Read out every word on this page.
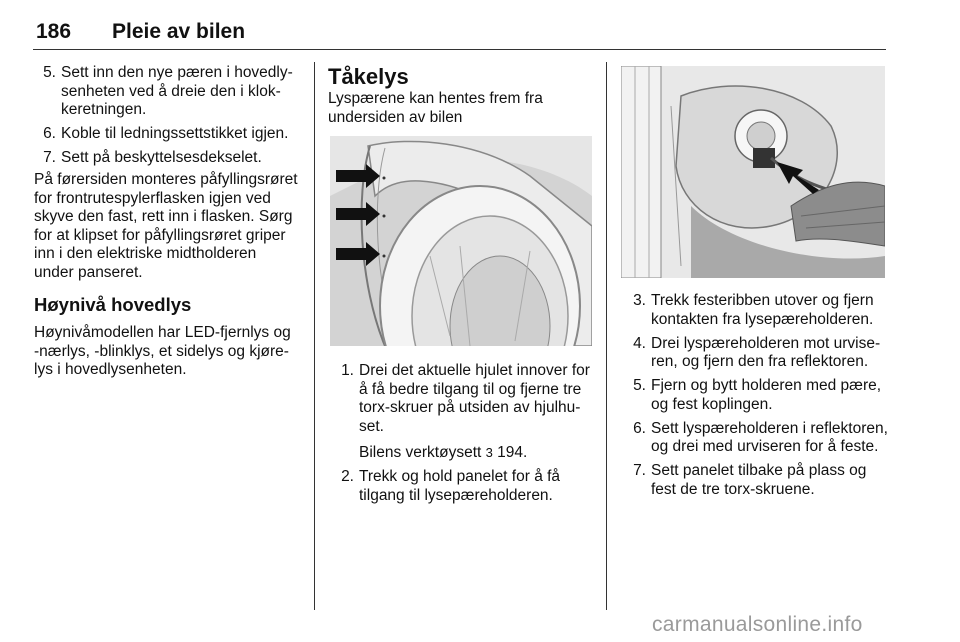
186 Pleie av bilen
5. Sett inn den nye pæren i hovedlysenheten ved å dreie den i klokkeretningen.
6. Koble til ledningssettstikket igjen.
7. Sett på beskyttelsesdekselet.

På førersiden monteres påfyllingsrøret for frontrutespylerflasken igjen ved skyve den fast, rett inn i flasken. Sørg for at klipset for påfyllingsrøret griper inn i den elektriske midtholderen under panseret.

Høynivå hovedlys

Høynivåmodellen har LED-fjernlys og -nærlys, -blinklys, et sidelys og kjørelys i hovedlysenheten.

Tåkelys

Lyspærene kan hentes frem fra undersiden av bilen

1. Drei det aktuelle hjulet innover for å få bedre tilgang til og fjerne tre torx-skruer på utsiden av hjulhuset.

Bilens verktøysett 3 194.

2. Trekk og hold panelet for å få tilgang til lysepæreholderen.
3. Trekk festeribben utover og fjern kontakten fra lysepæreholderen.
4. Drei lyspæreholderen mot urviseren, og fjern den fra reflektoren.
5. Fjern og bytt holderen med pære, og fest koplingen.
6. Sett lyspæreholderen i reflektoren, og drei med urviseren for å feste.
7. Sett panelet tilbake på plass og fest de tre torx-skruene.
carmanualsonline.info
